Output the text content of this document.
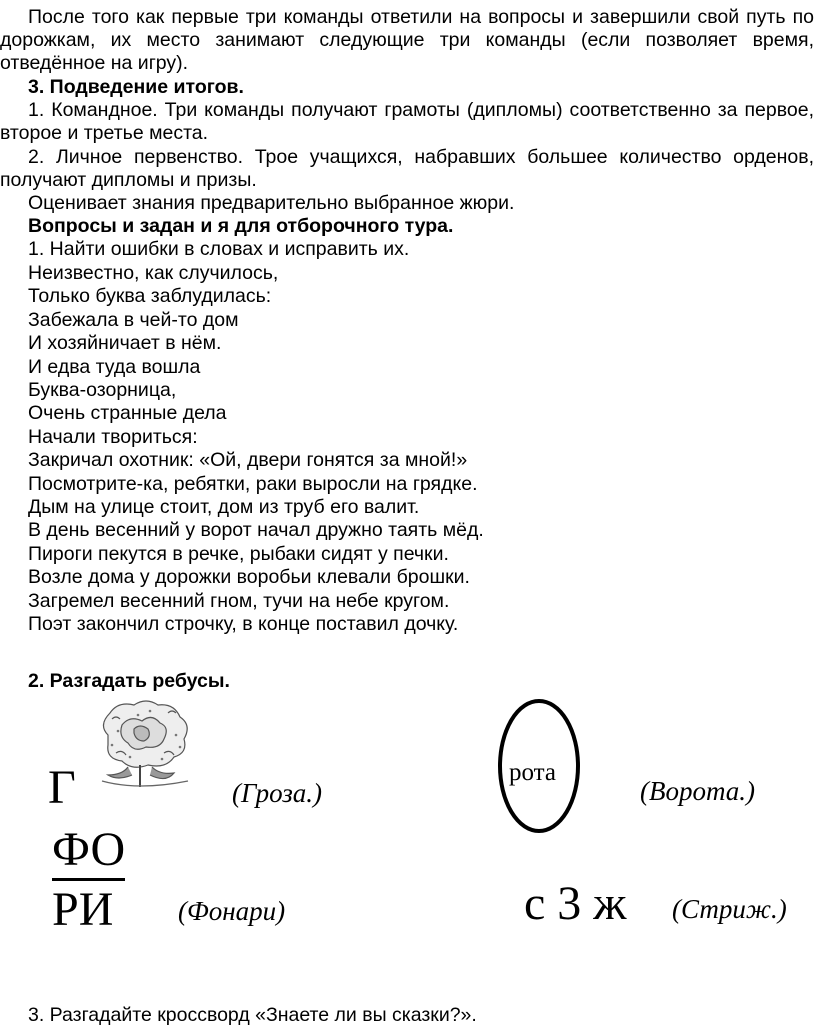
После того как первые три команды ответили на вопросы и завершили свой путь по
дорожкам, их место занимают следующие три команды (если позволяет время,
отведённое на игру).
3. Подведение итогов.
1. Командное. Три команды получают грамоты (дипломы) соответственно за первое,
второе и третье места.
2. Личное первенство. Трое учащихся, набравших большее количество орденов,
получают дипломы и призы.
Оценивает знания предварительно выбранное жюри.
Вопросы и задан и я для отборочного тура.
1. Найти ошибки в словах и исправить их.
Неизвестно, как случилось,
Только буква заблудилась:
Забежала в чей-то дом
И хозяйничает в нём.
И едва туда вошла
Буква-озорница,
Очень странные дела
Начали твориться:
Закричал охотник: «Ой, двери гонятся за мной!»
Посмотрите-ка, ребятки, раки выросли на грядке.
Дым на улице стоит, дом из труб его валит.
В день весенний у ворот начал дружно таять мёд.
Пироги пекутся в речке, рыбаки сидят у печки.
Возле дома у дорожки воробьи клевали брошки.
Загремел весенний гном, тучи на небе кругом.
Поэт закончил строчку, в конце поставил дочку.
2. Разгадать ребусы.
Г	(Гроза.)
ФО
РИ (Фонари)
рота
(Ворота.)
с 3 ж (Стриж.)
3. Разгадайте кроссворд «Знаете ли вы сказки?».
